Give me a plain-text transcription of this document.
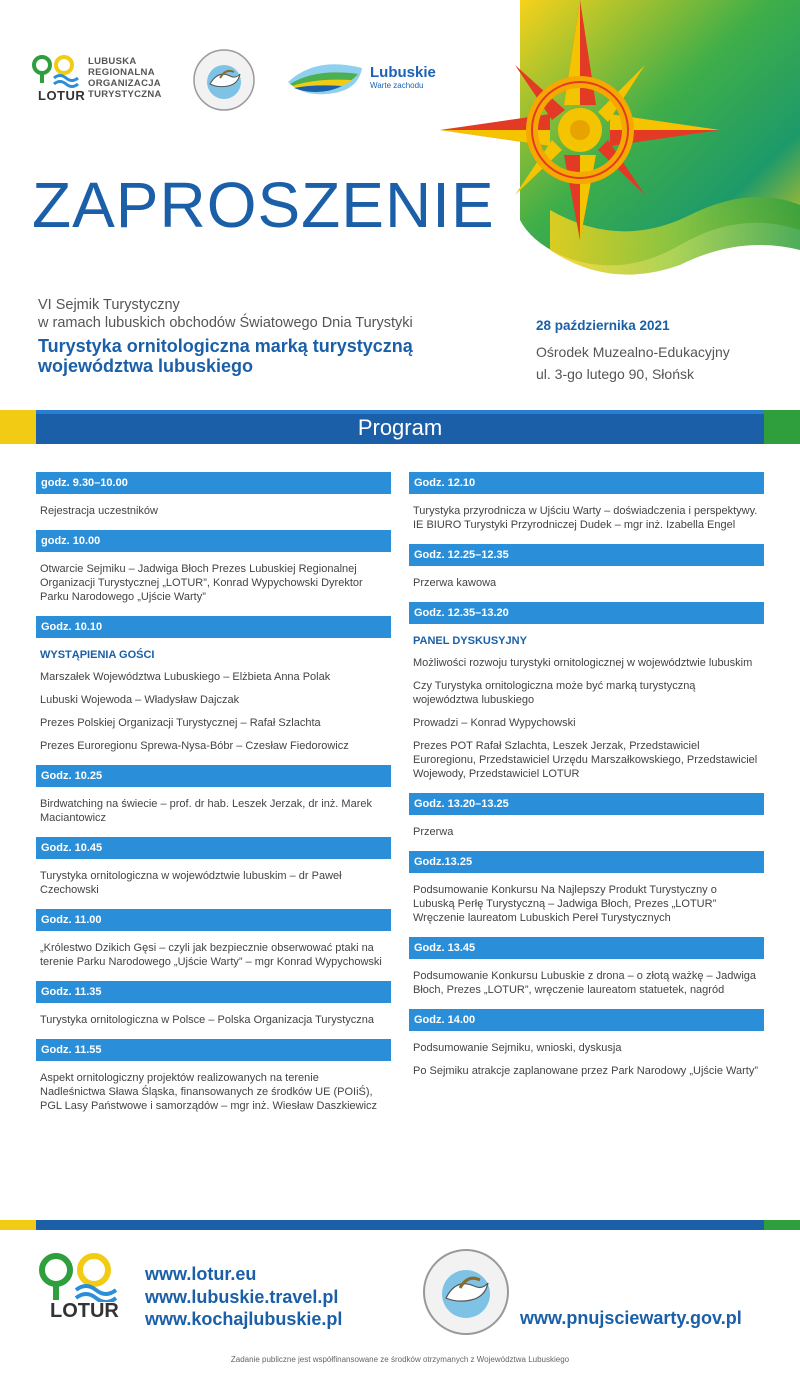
LOTUR
LUBUSKA
REGIONALNA
ORGANIZACJA
TURYSTYCZNA
Lubuskie
Warte zachodu
ZAPROSZENIE
VI Sejmik Turystyczny
w ramach lubuskich obchodów Światowego Dnia Turystyki
Turystyka ornitologiczna marką turystyczną
województwa lubuskiego
28 października 2021
Ośrodek Muzealno-Edukacyjny
ul. 3-go lutego 90, Słońsk
Program
godz. 9.30–10.00

Rejestracja uczestników

godz. 10.00

Otwarcie Sejmiku – Jadwiga Błoch Prezes Lubuskiej Regionalnej Organizacji Turystycznej „LOTUR”, Konrad Wypychowski Dyrektor Parku Narodowego „Ujście Warty”

Godz. 10.10

WYSTĄPIENIA GOŚCI

Marszałek Województwa Lubuskiego – Elżbieta Anna Polak

Lubuski Wojewoda – Władysław Dajczak

Prezes Polskiej Organizacji Turystycznej – Rafał Szlachta

Prezes Euroregionu Sprewa-Nysa-Bóbr – Czesław Fiedorowicz

Godz. 10.25

Birdwatching na świecie – prof. dr hab. Leszek Jerzak, dr inż. Marek Maciantowicz

Godz. 10.45

Turystyka ornitologiczna w województwie lubuskim – dr Paweł Czechowski

Godz. 11.00

„Królestwo Dzikich Gęsi – czyli jak bezpiecznie obserwować ptaki na terenie Parku Narodowego „Ujście Warty” – mgr Konrad Wypychowski

Godz. 11.35

Turystyka ornitologiczna w Polsce – Polska Organizacja Turystyczna

Godz. 11.55

Aspekt ornitologiczny projektów realizowanych na terenie Nadleśnictwa Sława Śląska, finansowanych ze środków UE (POIiŚ), PGL Lasy Państwowe i samorządów – mgr inż. Wiesław Daszkiewicz

Godz. 12.10

Turystyka przyrodnicza w Ujściu Warty – doświadczenia i perspektywy. IE BIURO Turystyki Przyrodniczej Dudek – mgr inż. Izabella Engel

Godz. 12.25–12.35

Przerwa kawowa

Godz. 12.35–13.20

PANEL DYSKUSYJNY

Możliwości rozwoju turystyki ornitologicznej w województwie lubuskim

Czy Turystyka ornitologiczna może być marką turystyczną województwa lubuskiego

Prowadzi – Konrad Wypychowski

Prezes POT Rafał Szlachta, Leszek Jerzak, Przedstawiciel Euroregionu, Przedstawiciel Urzędu Marszałkowskiego, Przedstawiciel Wojewody, Przedstawiciel LOTUR

Godz. 13.20–13.25

Przerwa

Godz.13.25

Podsumowanie Konkursu Na Najlepszy Produkt Turystyczny o Lubuską Perłę Turystyczną – Jadwiga Błoch, Prezes „LOTUR” Wręczenie laureatom Lubuskich Pereł Turystycznych

Godz. 13.45

Podsumowanie Konkursu Lubuskie z drona – o złotą ważkę – Jadwiga Błoch, Prezes „LOTUR”, wręczenie laureatom statuetek, nagród

Godz. 14.00

Podsumowanie Sejmiku, wnioski, dyskusja

Po Sejmiku atrakcje zaplanowane przez Park Narodowy „Ujście Warty”

LOTUR
www.lotur.eu
www.lubuskie.travel.pl
www.kochajlubuskie.pl	www.pnujsciewarty.gov.pl
Zadanie publiczne jest współfinansowane ze środków otrzymanych z Województwa Lubuskiego
